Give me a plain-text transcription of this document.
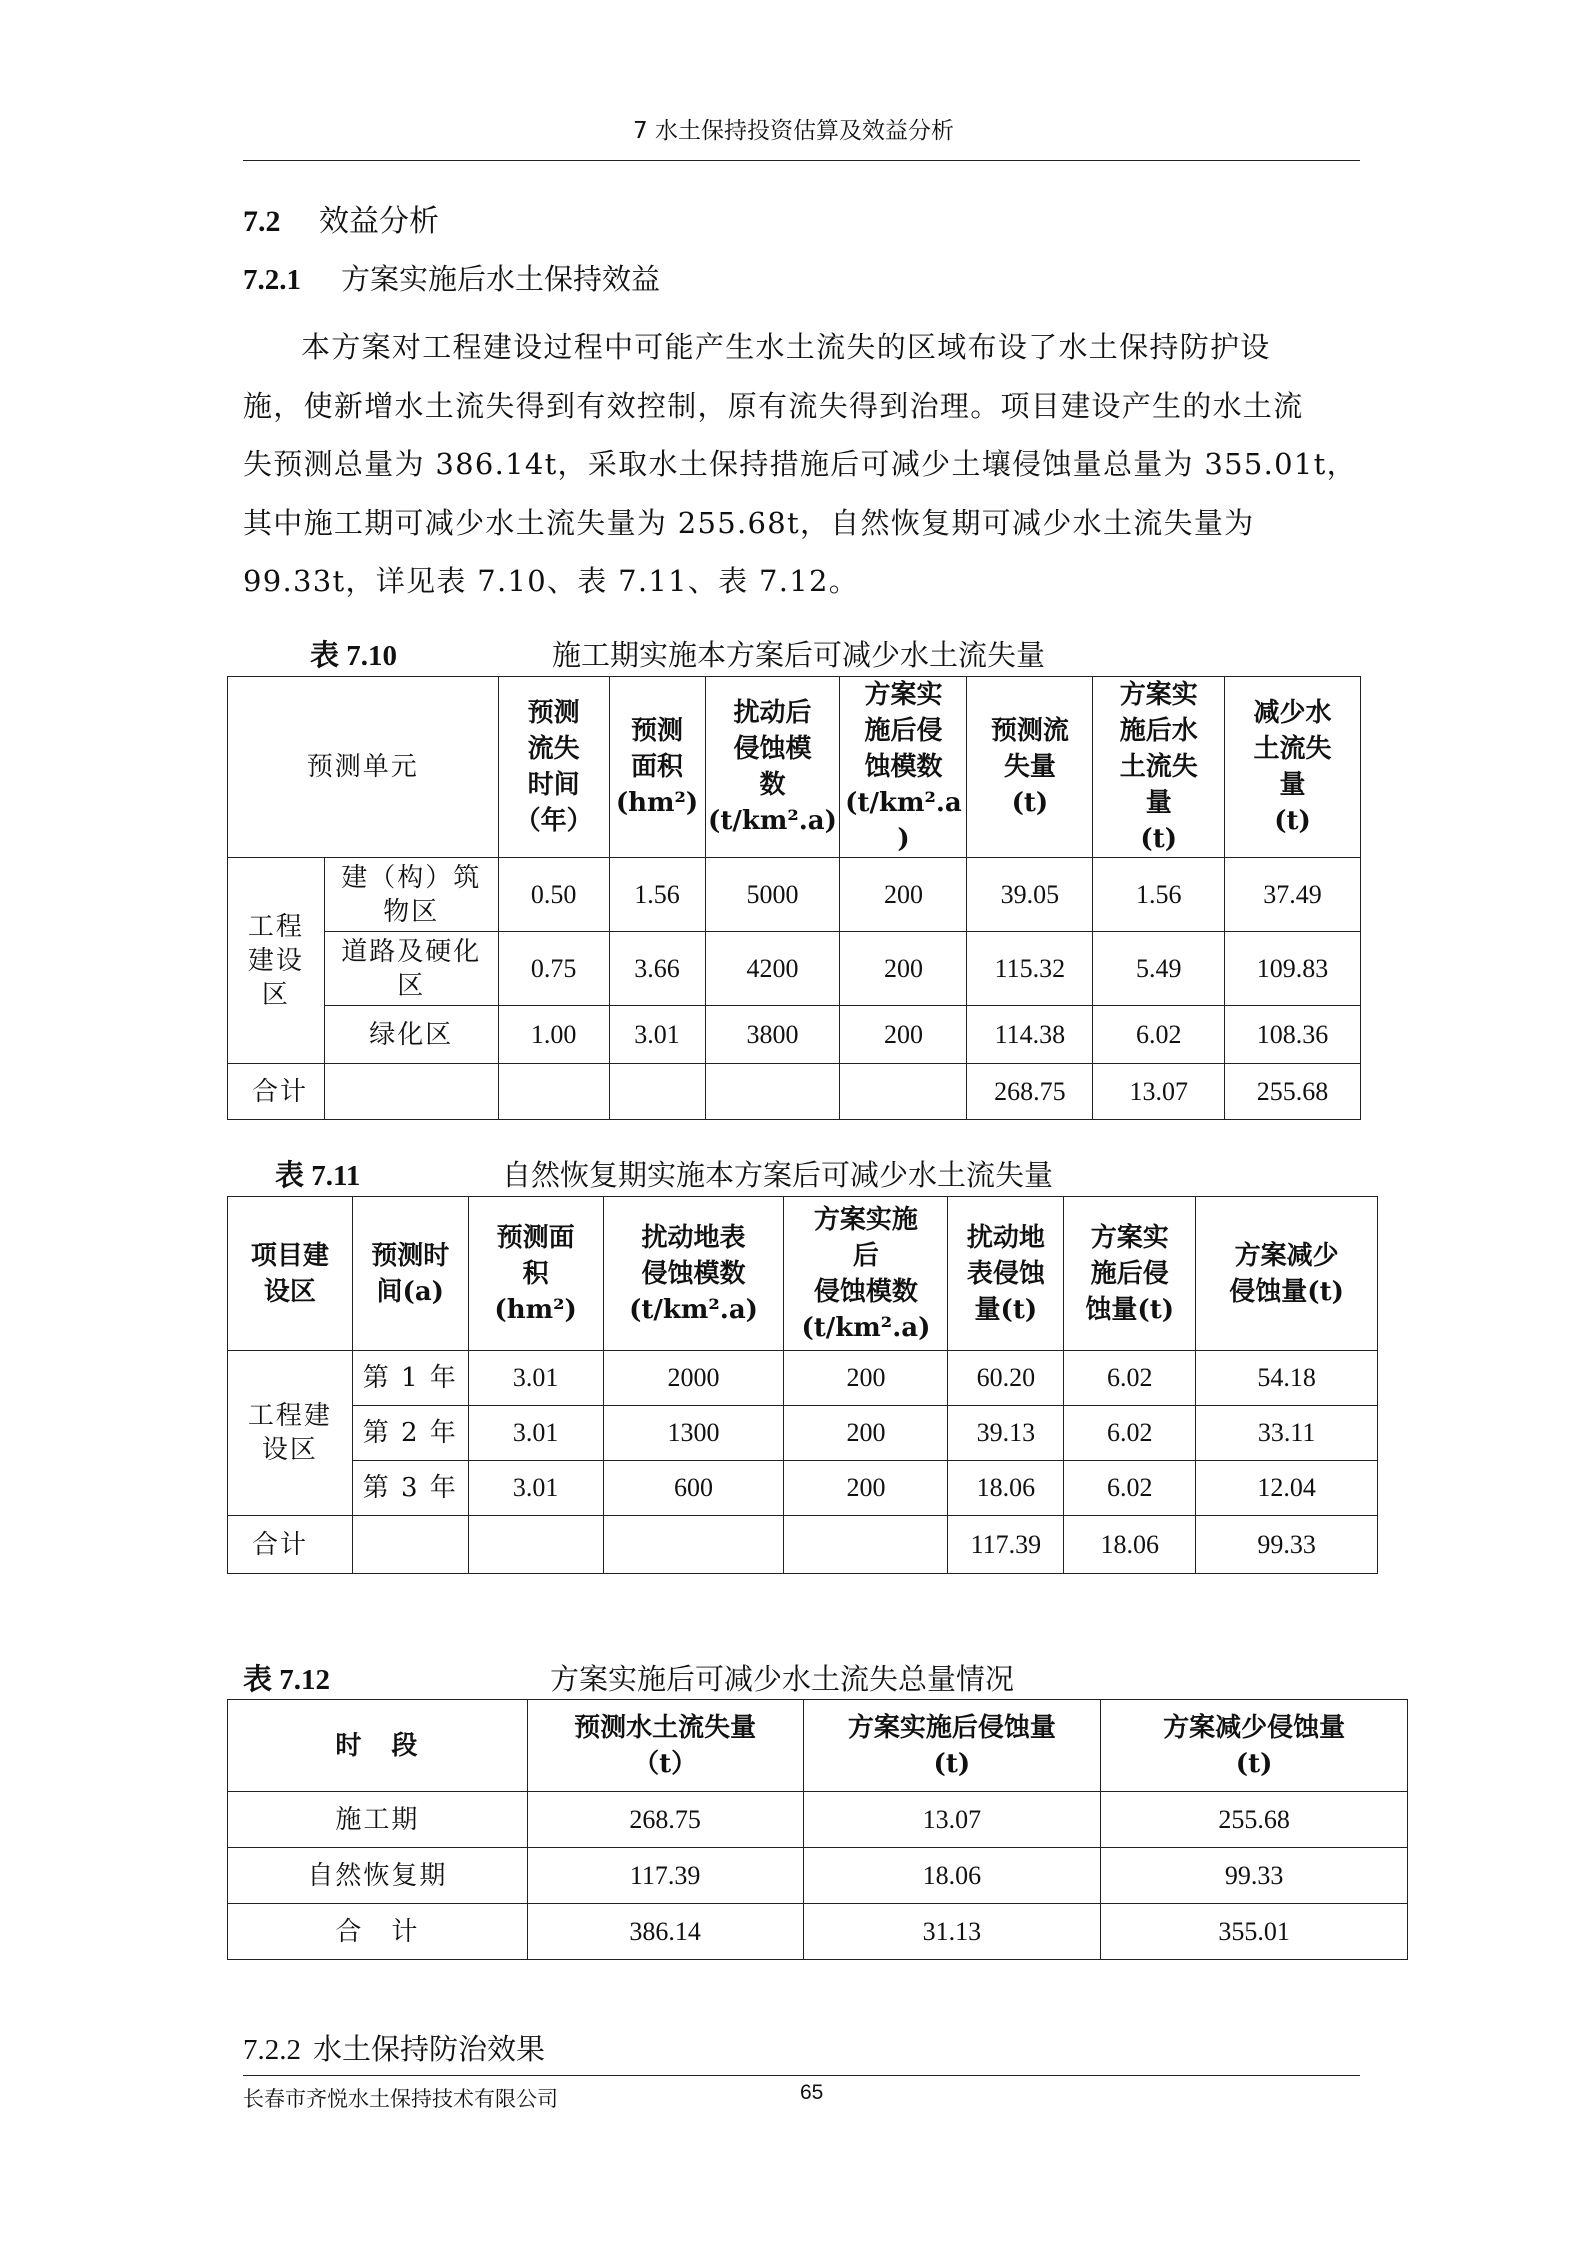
7 水土保持投资估算及效益分析
7.2 效益分析
7.2.1 方案实施后水土保持效益
本方案对工程建设过程中可能产生水土流失的区域布设了水土保持防护设
施，使新增水土流失得到有效控制，原有流失得到治理。项目建设产生的水土流
失预测总量为 386.14t，采取水土保持措施后可减少土壤侵蚀量总量为 355.01t，
其中施工期可减少水土流失量为 255.68t，自然恢复期可减少水土流失量为
99.33t，详见表 7.10、表 7.11、表 7.12。
表 7.10	施工期实施本方案后可减少水土流失量
预测单元		预测
流失
时间
（年）	预测
面积
(hm²)	扰动后
侵蚀模
数
(t/km².a)	方案实
施后侵
蚀模数
(t/km².a
)	预测流
失量
(t)	方案实
施后水
土流失
量
(t)	减少水
土流失
量
(t)
工程
建设
区	建（构）筑
物区	0.50	1.56	5000	200	39.05	1.56	37.49
	道路及硬化
区	0.75	3.66	4200	200	115.32	5.49	109.83
	绿化区	1.00	3.01	3800	200	114.38	6.02	108.36
合计						268.75	13.07	255.68
表 7.11	自然恢复期实施本方案后可减少水土流失量
项目建
设区	预测时
间(a)	预测面
积
(hm²)	扰动地表
侵蚀模数
(t/km².a)	方案实施
后
侵蚀模数
(t/km².a)	扰动地
表侵蚀
量(t)	方案实
施后侵
蚀量(t)	方案减少
侵蚀量(t)
工程建
设区	第 1 年	3.01	2000	200	60.20	6.02	54.18
	第 2 年	3.01	1300	200	39.13	6.02	33.11
	第 3 年	3.01	600	200	18.06	6.02	12.04
合计					117.39	18.06	99.33
表 7.12	方案实施后可减少水土流失总量情况
时　段	预测水土流失量
（t）	方案实施后侵蚀量
(t)	方案减少侵蚀量
(t)
施工期	268.75	13.07	255.68
自然恢复期	117.39	18.06	99.33
合　计	386.14	31.13	355.01
7.2.2 水土保持防治效果
长春市齐悦水土保持技术有限公司	65
